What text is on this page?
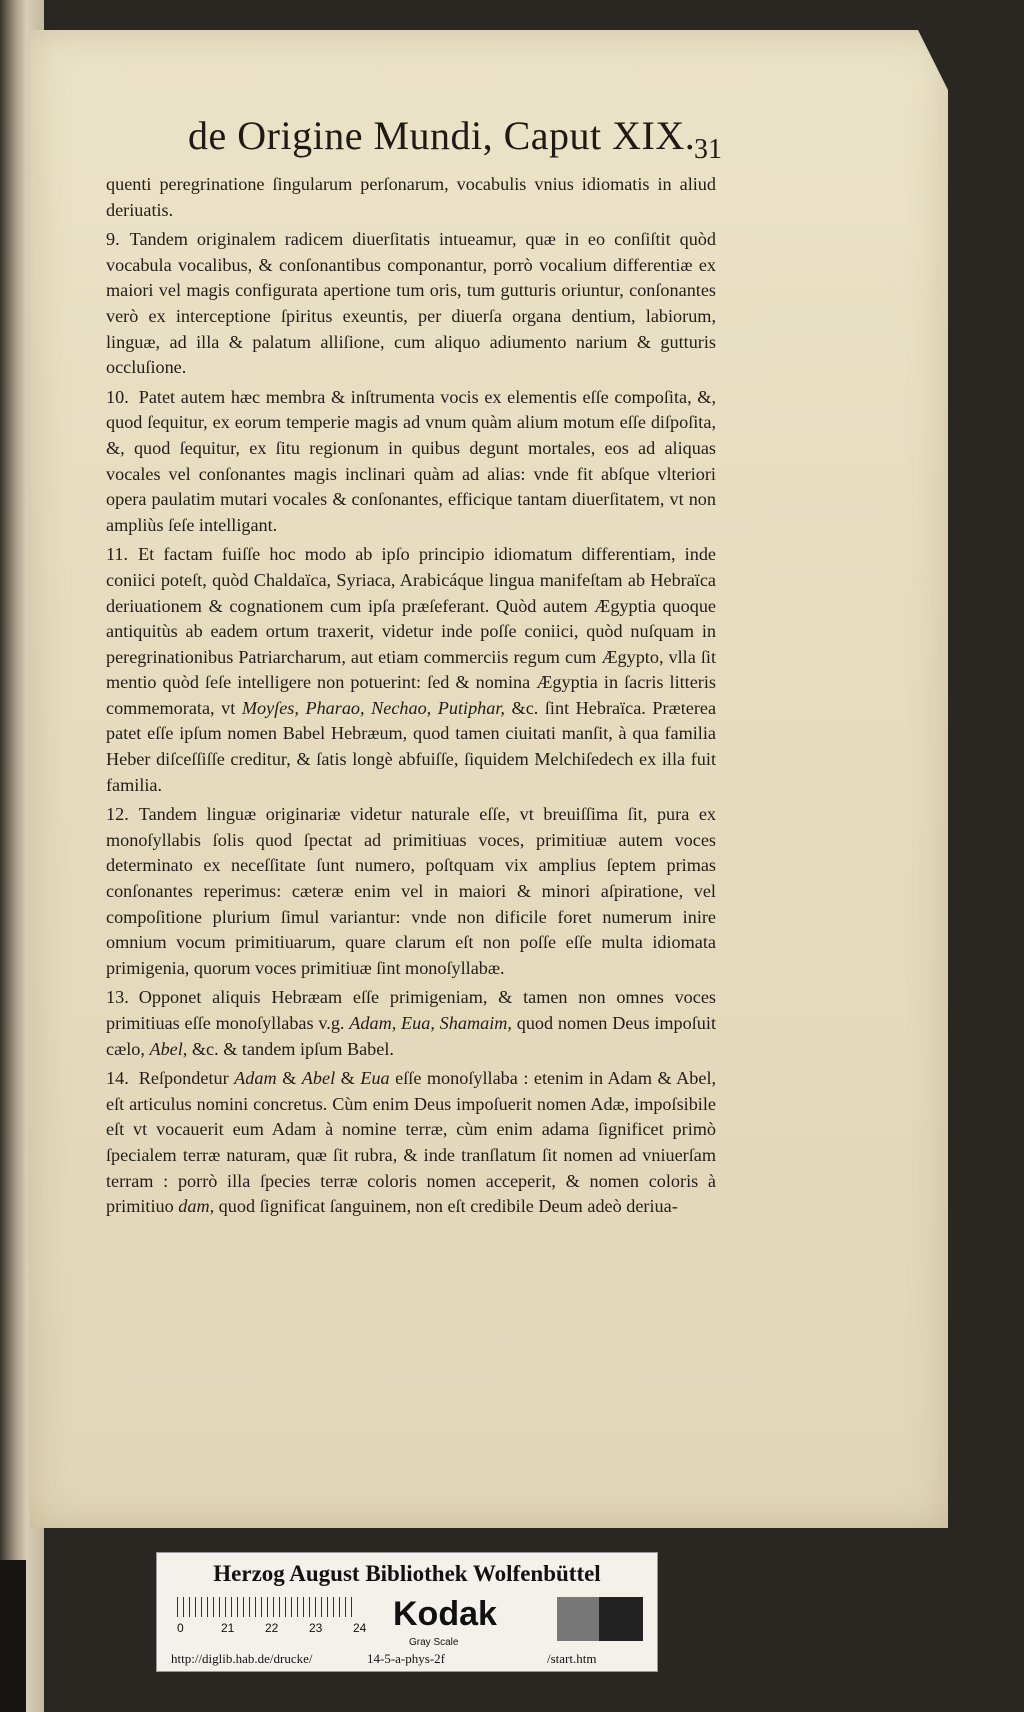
de Origine Mundi, Caput XIX.
31

quenti peregrinatione ſingularum perſonarum, vocabulis vnius idiomatis in aliud deriuatis.

9. Tandem originalem radicem diuerſitatis intueamur, quæ in eo conſiſtit quòd vocabula vocalibus, & conſonantibus componantur, porrò vocalium differentiæ ex maiori vel magis configurata apertione tum oris, tum gutturis oriuntur, conſonantes verò ex interceptione ſpiritus exeuntis, per diuerſa organa dentium, labiorum, linguæ, ad illa & palatum alliſione, cum aliquo adiumento narium & gutturis occluſione.

10. Patet autem hæc membra & inſtrumenta vocis ex elementis eſſe compoſita, &, quod ſequitur, ex eorum temperie magis ad vnum quàm alium motum eſſe diſpoſita, &, quod ſequitur, ex ſitu regionum in quibus degunt mortales, eos ad aliquas vocales vel conſonantes magis inclinari quàm ad alias: vnde fit abſque vlteriori opera paulatim mutari vocales & conſonantes, efficique tantam diuerſitatem, vt non ampliùs ſeſe intelligant.

11. Et factam fuiſſe hoc modo ab ipſo principio idiomatum differentiam, inde coniici poteſt, quòd Chaldaïca, Syriaca, Arabicáque lingua manifeſtam ab Hebraïca deriuationem & cognationem cum ipſa præſeferant. Quòd autem Ægyptia quoque antiquitùs ab eadem ortum traxerit, videtur inde poſſe coniici, quòd nuſquam in peregrinationibus Patriarcharum, aut etiam commerciis regum cum Ægypto, vlla ſit mentio quòd ſeſe intelligere non potuerint: ſed & nomina Ægyptia in ſacris litteris commemorata, vt Moyſes, Pharao, Nechao, Putiphar, &c. ſint Hebraïca. Præterea patet eſſe ipſum nomen Babel Hebræum, quod tamen ciuitati manſit, à qua familia Heber diſceſſiſſe creditur, & ſatis longè abfuiſſe, ſiquidem Melchiſedech ex illa fuit familia.

12. Tandem linguæ originariæ videtur naturale eſſe, vt breuiſſima ſit, pura ex monoſyllabis ſolis quod ſpectat ad primitiuas voces, primitiuæ autem voces determinato ex neceſſitate ſunt numero, poſtquam vix amplius ſeptem primas conſonantes reperimus: cæteræ enim vel in maiori & minori aſpiratione, vel compoſitione plurium ſimul variantur: vnde non dificile foret numerum inire omnium vocum primitiuarum, quare clarum eſt non poſſe eſſe multa idiomata primigenia, quorum voces primitiuæ ſint monoſyllabæ.

13. Opponet aliquis Hebræam eſſe primigeniam, & tamen non omnes voces primitiuas eſſe monoſyllabas v.g. Adam, Eua, Shamaim, quod nomen Deus impoſuit cælo, Abel, &c. & tandem ipſum Babel.

14. Reſpondetur Adam & Abel & Eua eſſe monoſyllaba : etenim in Adam & Abel, eſt articulus nomini concretus. Cùm enim Deus impoſuerit nomen Adæ, impoſsibile eſt vt vocauerit eum Adam à nomine terræ, cùm enim adama ſignificet primò ſpecialem terræ naturam, quæ ſit rubra, & inde tranſlatum ſit nomen ad vniuerſam terram : porrò illa ſpecies terræ coloris nomen acceperit, & nomen coloris à primitiuo dam, quod ſignificat ſanguinem, non eſt credibile Deum adeò deriua-

Herzog August Bibliothek Wolfenbüttel
0	21	22	23	24 Kodak
Gray Scale
http://diglib.hab.de/drucke/	14-5-a-phys-2f	/start.htm
